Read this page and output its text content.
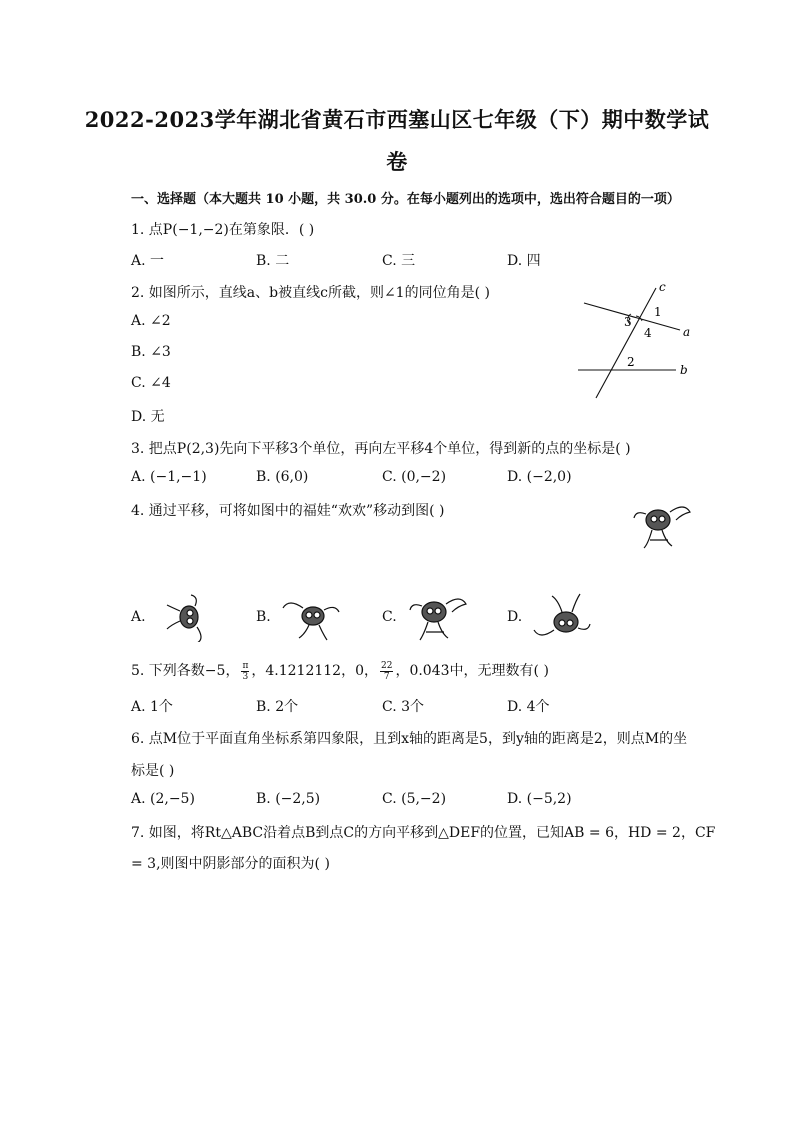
2022-2023学年湖北省黄石市西塞山区七年级（下）期中数学试
卷
一、选择题（本大题共 10 小题，共 30.0 分。在每小题列出的选项中，选出符合题目的一项）
1. 点P(−1,−2)在第象限．( )
A. 一	B. 二	C. 三	D. 四
2. 如图所示，直线a、b被直线c所截，则∠1的同位角是( )
A. ∠2
B. ∠3
C. ∠4
D. 无
c
1
3
4	a
2
b
3. 把点P(2,3)先向下平移3个单位，再向左平移4个单位，得到新的点的坐标是( )
A. (−1,−1)	B. (6,0)	C. (0,−2)	D. (−2,0)
4. 通过平移，可将如图中的福娃“欢欢”移动到图( )
A.	B.	C.	D.
5. 下列各数−5， $\frac{\pi}{3}$ ，4.1212112，0， $\frac{22}{7}$ ，0.0̇43̇中，无理数有( )
A. 1个	B. 2个	C. 3个	D. 4个
6. 点M位于平面直角坐标系第四象限，且到x轴的距离是5，到y轴的距离是2，则点M的坐
标是( )
A. (2,−5)	B. (−2,5)	C. (5,−2)	D. (−5,2)
7. 如图，将Rt△ABC沿着点B到点C的方向平移到△DEF的位置，已知AB = 6，HD = 2，CF
= 3,则图中阴影部分的面积为( )
